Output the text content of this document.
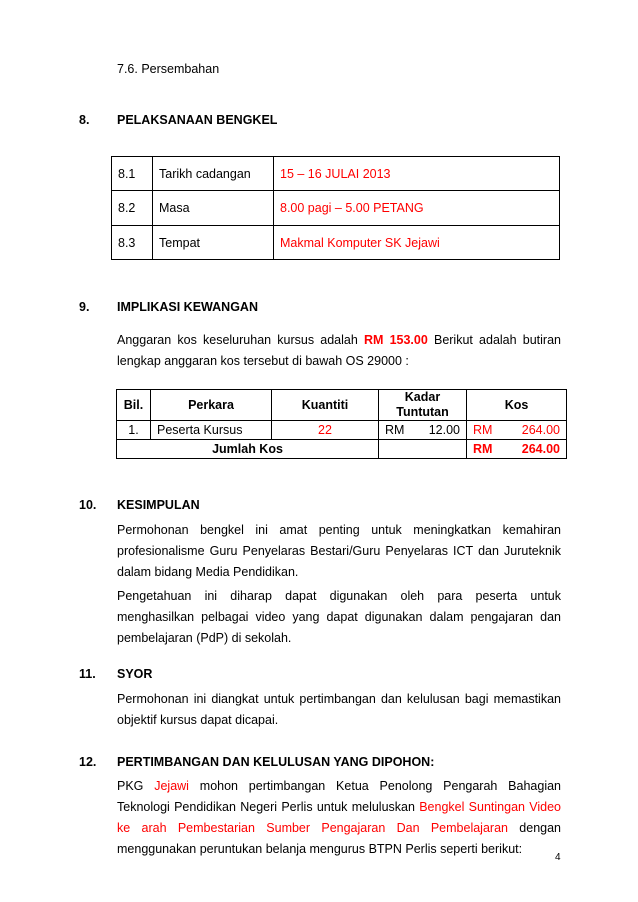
7.6. Persembahan
8. PELAKSANAAN BENGKEL
8.1	Tarikh cadangan	15 – 16 JULAI 2013
8.2	Masa	8.00 pagi – 5.00 PETANG
8.3	Tempat	Makmal Komputer SK Jejawi
9. IMPLIKASI KEWANGAN
Anggaran kos keseluruhan kursus adalah RM 153.00 Berikut adalah butiran lengkap anggaran kos tersebut di bawah OS 29000 :
Bil.	Perkara	Kuantiti	Kadar Tuntutan		Kos	
1.	Peserta Kursus	22	RM	12.00	RM	264.00
Jumlah Kos					RM	264.00
10. KESIMPULAN
Permohonan bengkel ini amat penting untuk meningkatkan kemahiran profesionalisme Guru Penyelaras Bestari/Guru Penyelaras ICT dan Juruteknik dalam bidang Media Pendidikan.
Pengetahuan ini diharap dapat digunakan oleh para peserta untuk menghasilkan pelbagai video yang dapat digunakan dalam pengajaran dan pembelajaran (PdP) di sekolah.
11. SYOR
Permohonan ini diangkat untuk pertimbangan dan kelulusan bagi memastikan objektif kursus dapat dicapai.
12. PERTIMBANGAN DAN KELULUSAN YANG DIPOHON:
PKG Jejawi mohon pertimbangan Ketua Penolong Pengarah Bahagian Teknologi Pendidikan Negeri Perlis untuk meluluskan Bengkel Suntingan Video ke arah Pembestarian Sumber Pengajaran Dan Pembelajaran dengan menggunakan peruntukan belanja mengurus BTPN Perlis seperti berikut:
4
